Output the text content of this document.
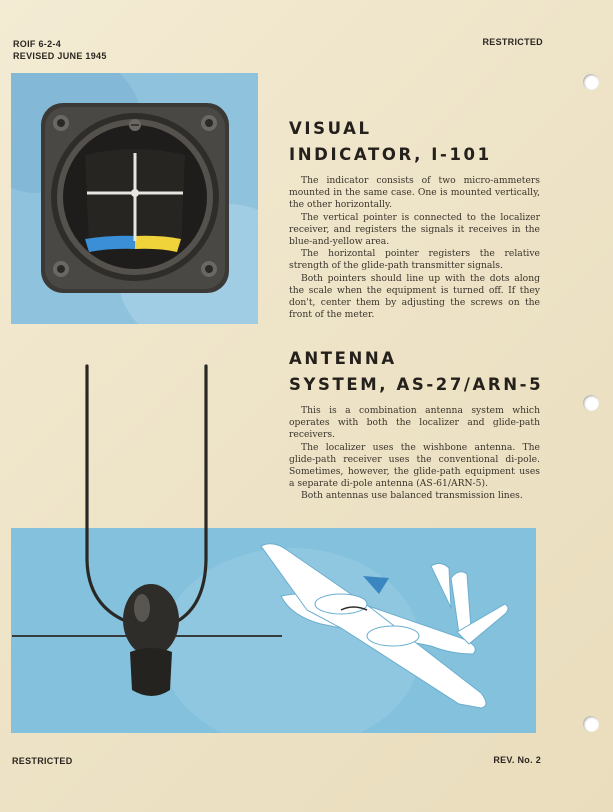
ROIF 6-2-4
REVISED JUNE 1945
RESTRICTED
VISUAL
INDICATOR, I-101

The indicator consists of two micro-ammeters mounted in the same case. One is mounted vertically, the other horizontally.

The vertical pointer is connected to the localizer receiver, and registers the signals it receives in the blue-and-yellow area.

The horizontal pointer registers the relative strength of the glide-path transmitter signals.

Both pointers should line up with the dots along the scale when the equipment is turned off. If they don't, center them by adjusting the screws on the front of the meter.

ANTENNA
SYSTEM, AS-27/ARN-5

This is a combination antenna system which operates with both the localizer and glide-path receivers.

The localizer uses the wishbone antenna. The glide-path receiver uses the conventional di-pole. Sometimes, however, the glide-path equipment uses a separate di-pole antenna (AS-61/ARN-5).

Both antennas use balanced transmission lines.

RESTRICTED	REV. No. 2
